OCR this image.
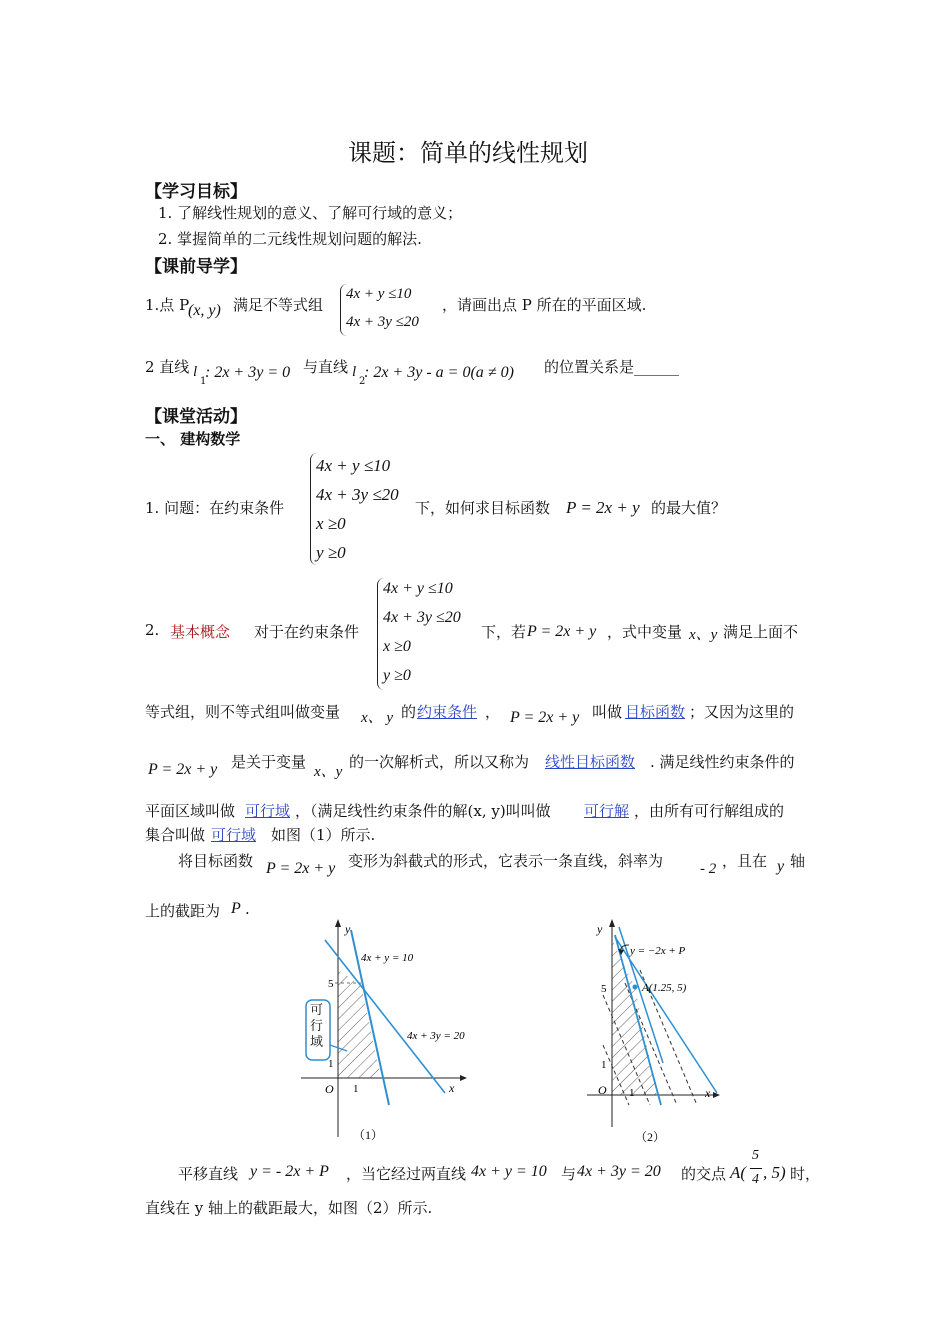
课题：简单的线性规划
【学习目标】
1. 了解线性规划的意义、了解可行域的意义；
2. 掌握简单的二元线性规划问题的解法.
【课前导学】
1.点 P
(x, y) 满足不等式组
4x + y ≤10
4x + 3y ≤20
，请画出点 P 所在的平面区域.
2 直线 l
1
: 2x + 3y = 0 与直线 l
2
: 2x + 3y - a = 0(a ≠ 0) 的位置关系是______
【课堂活动】
一、 建构数学
1. 问题：在约束条件
4x + y ≤10
4x + 3y ≤20
x ≥0
y ≥0
下，如何求目标函数 P = 2x + y 的最大值？
2. 基本概念 对于在约束条件
4x + y ≤10
4x + 3y ≤20
x ≥0
y ≥0
下，若 P = 2x + y ，式中变量 x、y 满足上面不
等式组，则不等式组叫做变量 x、 y 的 约束条件 ， P = 2x + y 叫做 目标函数 ；又因为这里的
P = 2x + y 是关于变量
x、y
的一次解析式，所以又称为 线性目标函数 . 满足线性约束条件的
平面区域叫做 可行域 ，（满足线性约束条件的解(x, y)叫叫做 可行解 ，由所有可行解组成的
集合叫做 可行域 如图（1）所示.
将目标函数 P = 2x + y 变形为斜截式的形式，它表示一条直线，斜率为 - 2 ，且在 y 轴
上的截距为 P .
4x + y = 10
4x + 3y = 20
x
y
O 1
1
5
（1）
可行域
y = −2x + P
A(1.25, 5)
x
y
O 1
1
5
（2）
平移直线 y = - 2x + P ，当它经过两直线 4x + y = 10 与 4x + 3y = 20 的交点 A(
5
4 , 5) 时，
直线在 y 轴上的截距最大，如图（2）所示.
